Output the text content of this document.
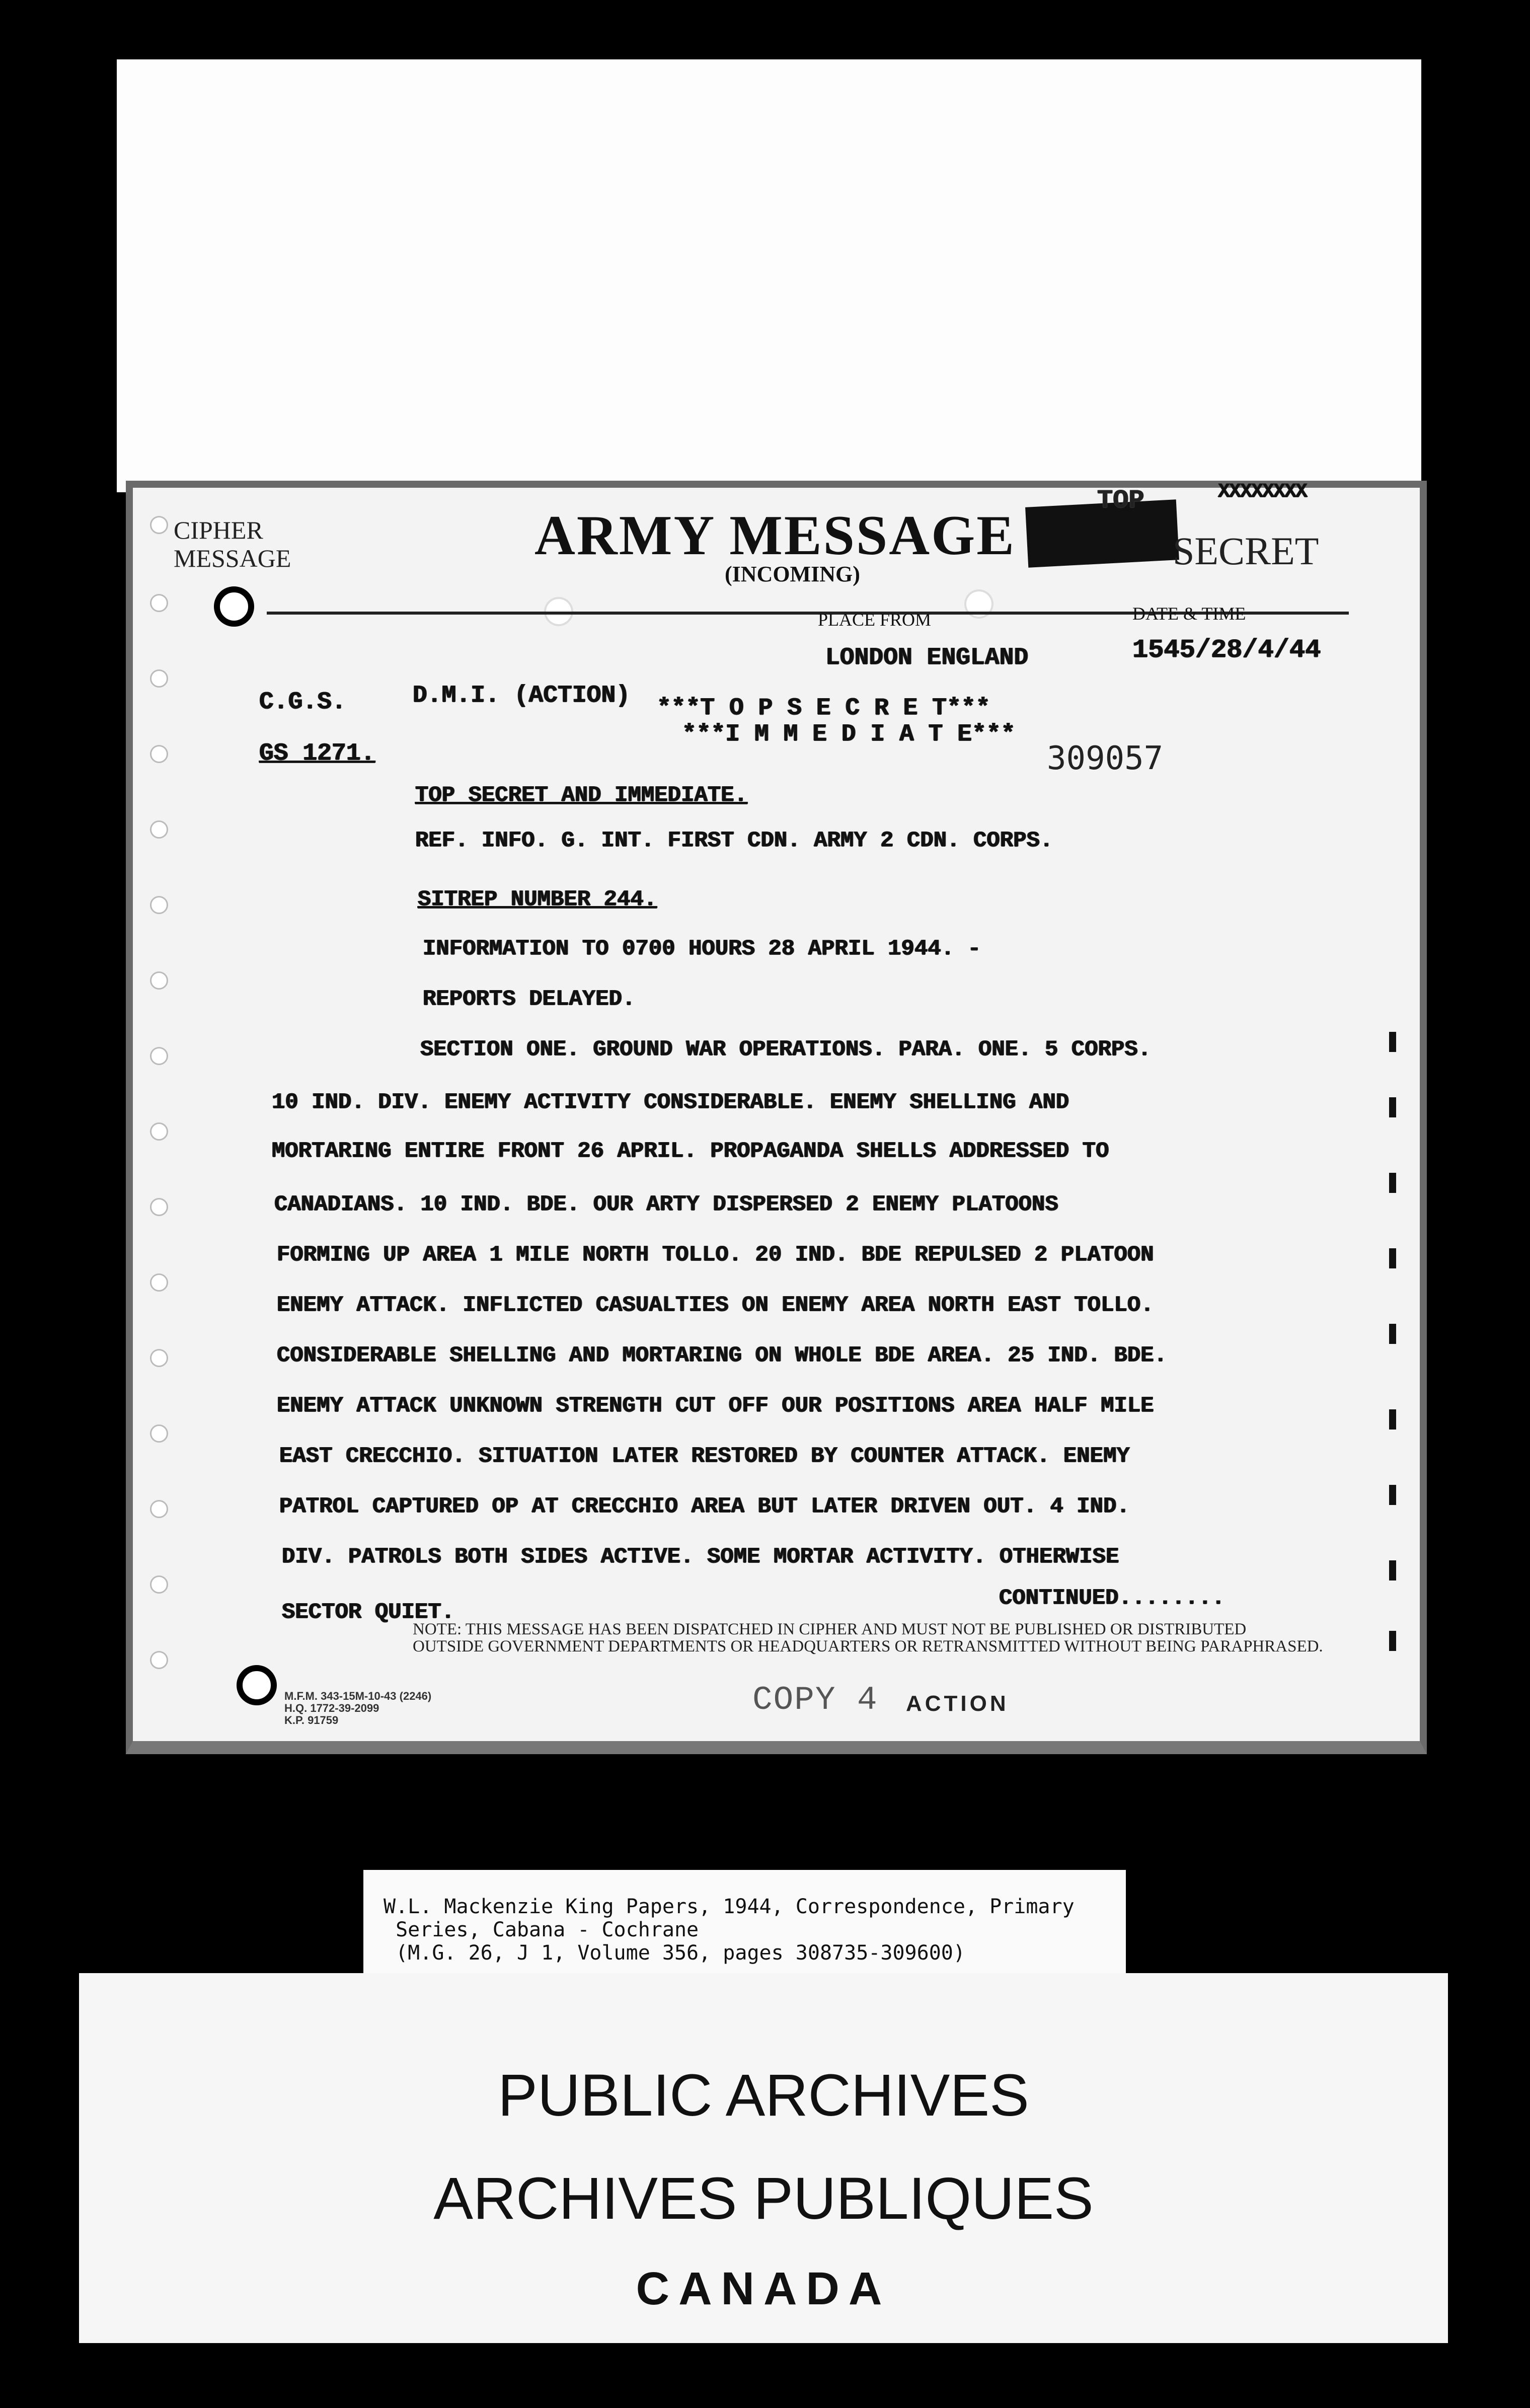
CIPHER
MESSAGE	ARMY MESSAGE
(INCOMING)
TOP	XXXXXXXX
SECRET
PLACE FROM	DATE & TIME
LONDON ENGLAND	1545/28/4/44
C.G.S.	D.M.I. (ACTION) ***T O P S E C R E T***
***I M M E D I A T E***
GS 1271.	309057
TOP SECRET AND IMMEDIATE.
REF. INFO. G. INT. FIRST CDN. ARMY 2 CDN. CORPS.
SITREP NUMBER 244.
INFORMATION TO 0700 HOURS 28 APRIL 1944. -
REPORTS DELAYED.
SECTION ONE. GROUND WAR OPERATIONS. PARA. ONE. 5 CORPS.
10 IND. DIV. ENEMY ACTIVITY CONSIDERABLE. ENEMY SHELLING AND
MORTARING ENTIRE FRONT 26 APRIL. PROPAGANDA SHELLS ADDRESSED TO
CANADIANS. 10 IND. BDE. OUR ARTY DISPERSED 2 ENEMY PLATOONS
FORMING UP AREA 1 MILE NORTH TOLLO. 20 IND. BDE REPULSED 2 PLATOON
ENEMY ATTACK. INFLICTED CASUALTIES ON ENEMY AREA NORTH EAST TOLLO.
CONSIDERABLE SHELLING AND MORTARING ON WHOLE BDE AREA. 25 IND. BDE.
ENEMY ATTACK UNKNOWN STRENGTH CUT OFF OUR POSITIONS AREA HALF MILE
EAST CRECCHIO. SITUATION LATER RESTORED BY COUNTER ATTACK. ENEMY
PATROL CAPTURED OP AT CRECCHIO AREA BUT LATER DRIVEN OUT. 4 IND.
DIV. PATROLS BOTH SIDES ACTIVE. SOME MORTAR ACTIVITY. OTHERWISE
SECTOR QUIET.
CONTINUED........
NOTE: THIS MESSAGE HAS BEEN DISPATCHED IN CIPHER AND MUST NOT BE PUBLISHED OR DISTRIBUTED
OUTSIDE GOVERNMENT DEPARTMENTS OR HEADQUARTERS OR RETRANSMITTED WITHOUT BEING PARAPHRASED.
M.F.M. 343-15M-10-43 (2246)
H.Q. 1772-39-2099
K.P. 91759
COPY 4 ACTION
W.L. Mackenzie King Papers, 1944, Correspondence, Primary
Series, Cabana - Cochrane
(M.G. 26, J 1, Volume 356, pages 308735-309600)
PUBLIC ARCHIVES
ARCHIVES PUBLIQUES
CANADA
